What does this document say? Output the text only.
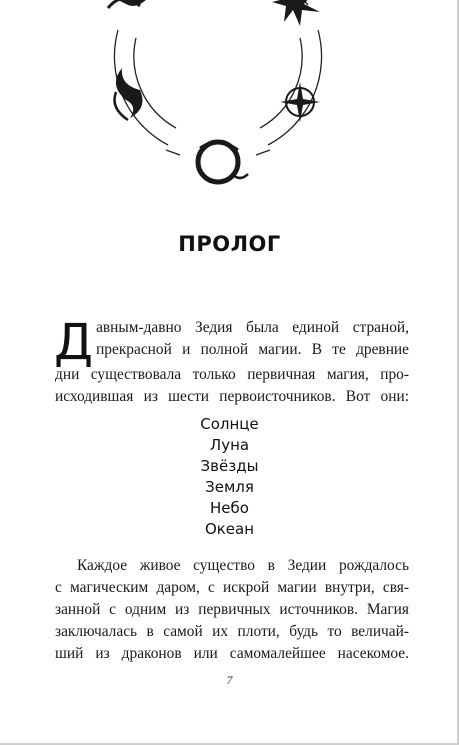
ПРОЛОГ
Д авным-давно Зедия была единой страной,
прекрасной и полной магии. В те древние
дни существовала только первичная магия, про-
исходившая из шести первоисточников. Вот они:
Солнце
Луна
Звёзды
Земля
Небо
Океан
Каждое живое существо в Зедии рождалось
с магическим даром, с искрой магии внутри, свя-
занной с одним из первичных источников. Магия
заключалась в самой их плоти, будь то величай-
ший из драконов или самомалейшее насекомое.
7
